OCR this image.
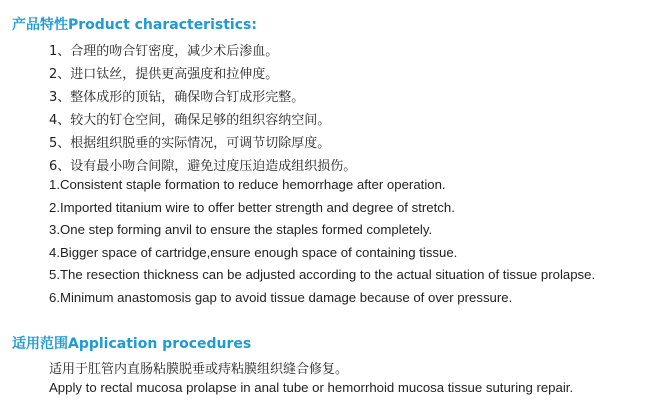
产品特性Product characteristics:
1、合理的吻合钉密度，减少术后渗血。
2、进口钛丝，提供更高强度和拉伸度。
3、整体成形的顶钻，确保吻合钉成形完整。
4、较大的钉仓空间，确保足够的组织容纳空间。
5、根据组织脱垂的实际情况，可调节切除厚度。
6、设有最小吻合间隙，避免过度压迫造成组织损伤。
1.Consistent staple formation to reduce hemorrhage after operation.
2.Imported titanium wire to offer better strength and degree of stretch.
3.One step forming anvil to ensure the staples formed completely.
4.Bigger space of cartridge,ensure enough space of containing tissue.
5.The resection thickness can be adjusted according to the actual situation of tissue prolapse.
6.Minimum anastomosis gap to avoid tissue damage because of over pressure.
适用范围Application procedures
适用于肛管内直肠粘膜脱垂或痔粘膜组织缝合修复。
Apply to rectal mucosa prolapse in anal tube or hemorrhoid mucosa tissue suturing repair.
